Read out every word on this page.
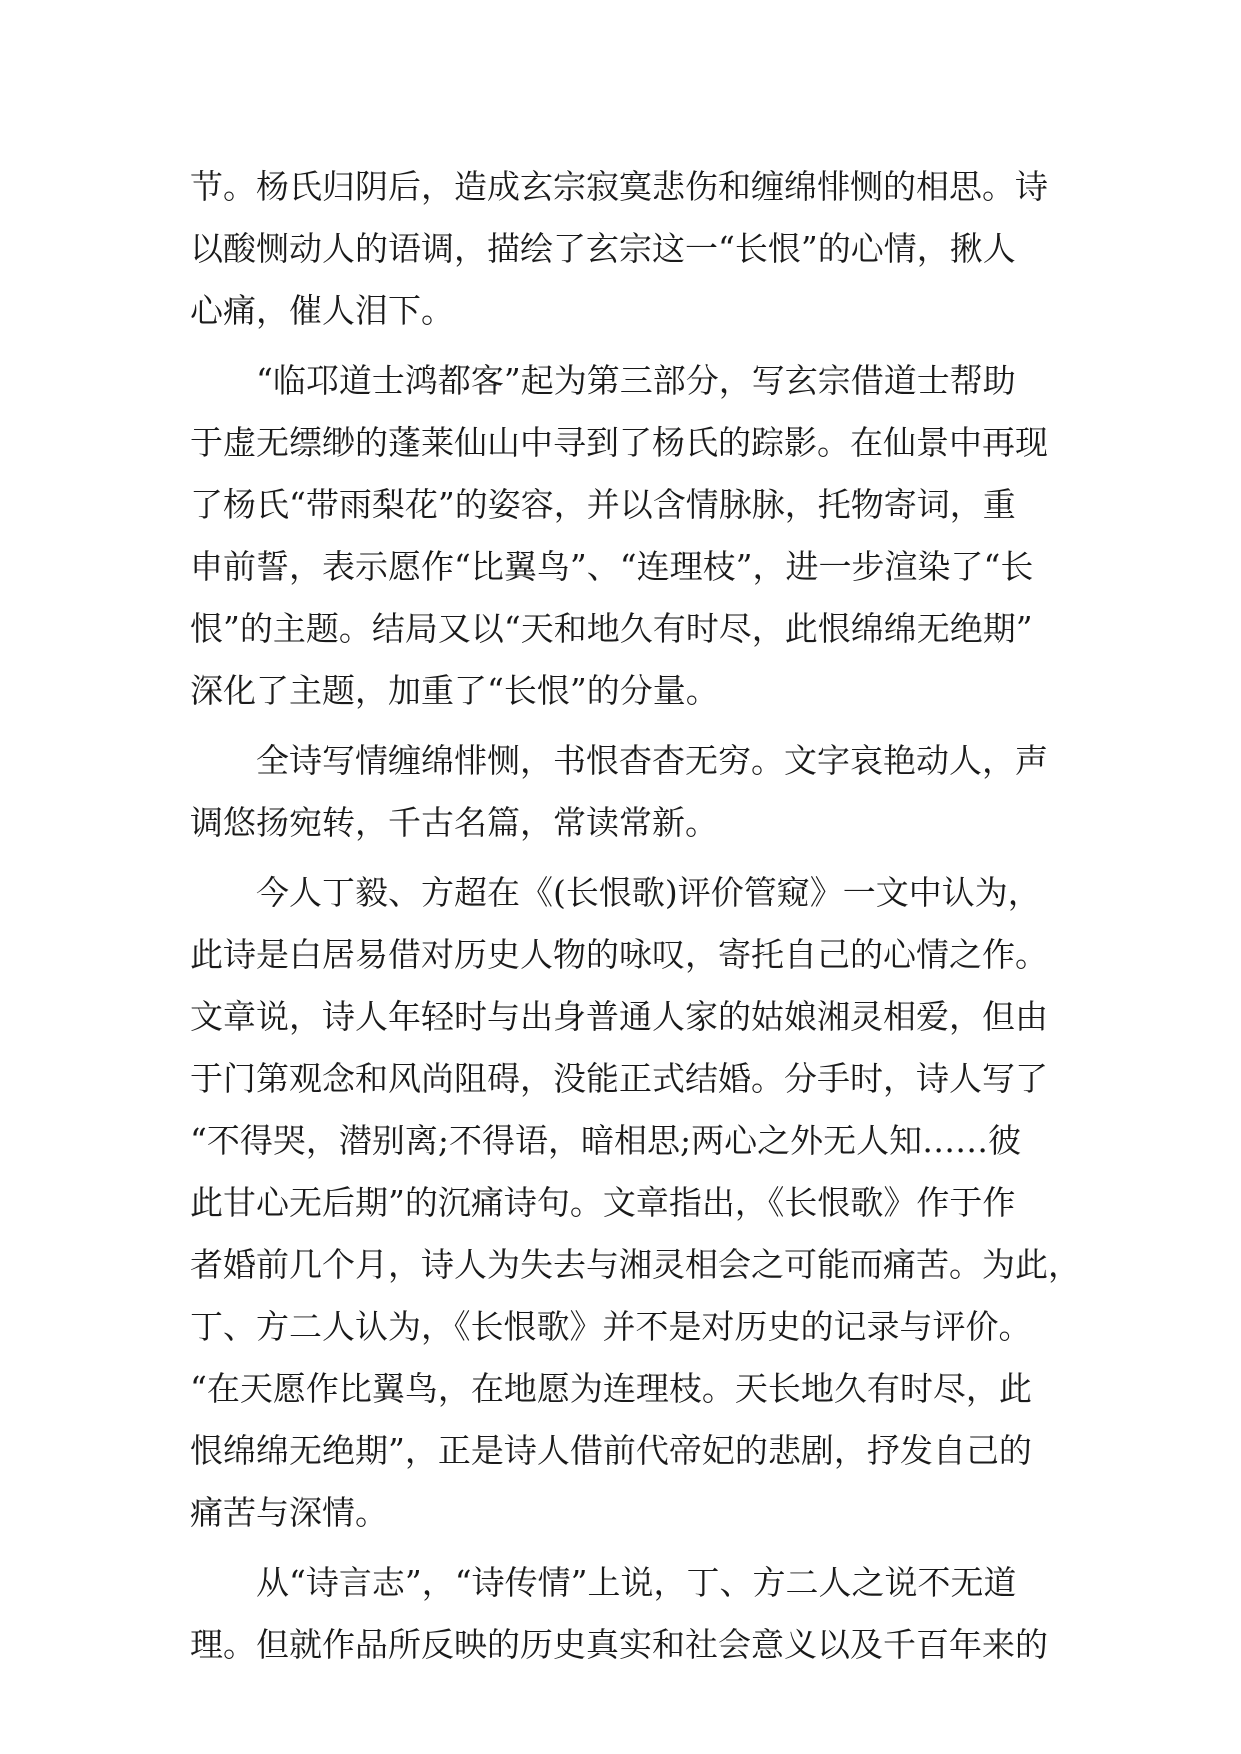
节。杨氏归阴后，造成玄宗寂寞悲伤和缠绵悱恻的相思。诗
以酸恻动人的语调，描绘了玄宗这一“长恨”的心情，揪人
心痛，催人泪下。
“临邛道士鸿都客”起为第三部分，写玄宗借道士帮助
于虚无缥缈的蓬莱仙山中寻到了杨氏的踪影。在仙景中再现
了杨氏“带雨梨花”的姿容，并以含情脉脉，托物寄词，重
申前誓，表示愿作“比翼鸟”、“连理枝”，进一步渲染了“长
恨”的主题。结局又以“天和地久有时尽，此恨绵绵无绝期”
深化了主题，加重了“长恨”的分量。
全诗写情缠绵悱恻，书恨杳杳无穷。文字哀艳动人，声
调悠扬宛转，千古名篇，常读常新。
今人丁毅、方超在《(长恨歌)评价管窥》一文中认为，
此诗是白居易借对历史人物的咏叹，寄托自己的心情之作。
文章说，诗人年轻时与出身普通人家的姑娘湘灵相爱，但由
于门第观念和风尚阻碍，没能正式结婚。分手时，诗人写了
“不得哭，潜别离;不得语，暗相思;两心之外无人知……彼
此甘心无后期”的沉痛诗句。文章指出，《长恨歌》作于作
者婚前几个月，诗人为失去与湘灵相会之可能而痛苦。为此，
丁、方二人认为，《长恨歌》并不是对历史的记录与评价。
“在天愿作比翼鸟，在地愿为连理枝。天长地久有时尽，此
恨绵绵无绝期”，正是诗人借前代帝妃的悲剧，抒发自己的
痛苦与深情。
从“诗言志”，“诗传情”上说，丁、方二人之说不无道
理。但就作品所反映的历史真实和社会意义以及千百年来的
